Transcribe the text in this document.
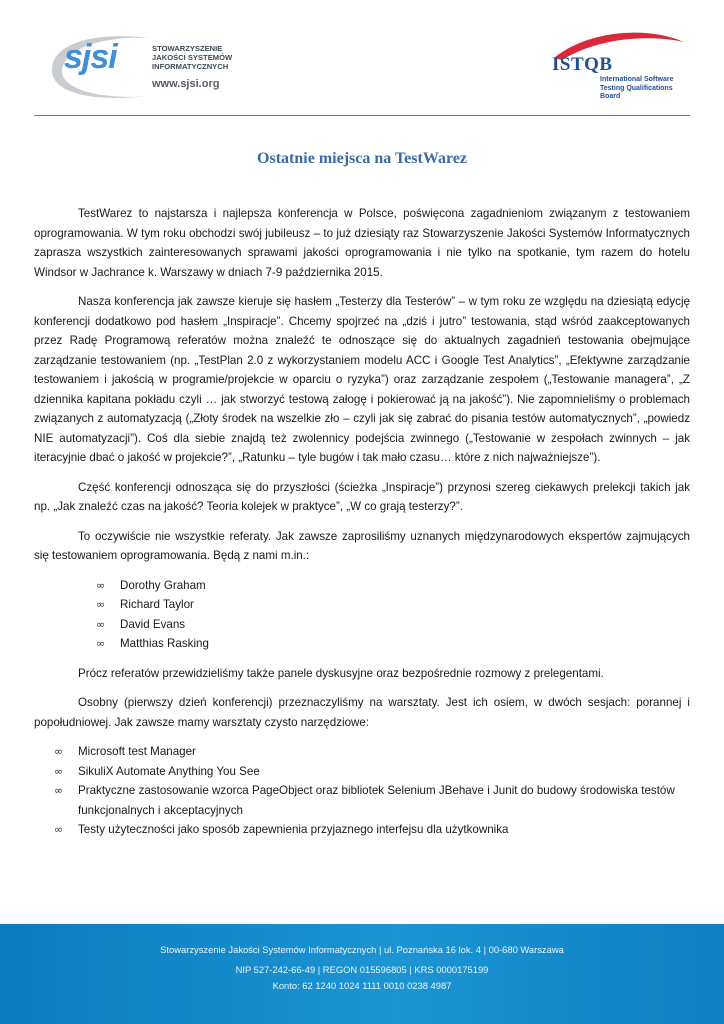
sjsi	STOWARZYSZENIE
JAKOŚCI SYSTEMÓW
INFORMATYCZNYCH
www.sjsi.org
ISTQB
International Software
Testing Qualifications Board
Ostatnie miejsca na TestWarez

TestWarez to najstarsza i najlepsza konferencja w Polsce, poświęcona zagadnieniom związanym z testowaniem oprogramowania. W tym roku obchodzi swój jubileusz – to już dziesiąty raz Stowarzyszenie Jakości Systemów Informatycznych zaprasza wszystkich zainteresowanych sprawami jakości oprogramowania i nie tylko na spotkanie, tym razem do hotelu Windsor w Jachrance k. Warszawy w dniach 7-9 października 2015.

Nasza konferencja jak zawsze kieruje się hasłem „Testerzy dla Testerów” – w tym roku ze względu na dziesiątą edycję konferencji dodatkowo pod hasłem „Inspiracje”. Chcemy spojrzeć na „dziś i jutro” testowania, stąd wśród zaakceptowanych przez Radę Programową referatów można znaleźć te odnoszące się do aktualnych zagadnień testowania obejmujące zarządzanie testowaniem (np. „TestPlan 2.0 z wykorzystaniem modelu ACC i Google Test Analytics”, „Efektywne zarządzanie testowaniem i jakością w programie/projekcie w oparciu o ryzyka”) oraz zarządzanie zespołem („Testowanie managera”, „Z dziennika kapitana pokładu czyli … jak stworzyć testową załogę i pokierować ją na jakość”). Nie zapomnieliśmy o problemach związanych z automatyzacją („Złoty środek na wszelkie zło – czyli jak się zabrać do pisania testów automatycznych”, „powiedz NIE automatyzacji”). Coś dla siebie znajdą też zwolennicy podejścia zwinnego („Testowanie w zespołach zwinnych – jak iteracyjnie dbać o jakość w projekcie?”, „Ratunku – tyle bugów i tak mało czasu… które z nich najważniejsze”).

Część konferencji odnosząca się do przyszłości (ścieżka „Inspiracje”) przynosi szereg ciekawych prelekcji takich jak np. „Jak znaleźć czas na jakość? Teoria kolejek w praktyce”, „W co grają testerzy?”.

To oczywiście nie wszystkie referaty. Jak zawsze zaprosiliśmy uznanych międzynarodowych ekspertów zajmujących się testowaniem oprogramowania. Będą z nami m.in.:

∞ Dorothy Graham
∞ Richard Taylor
∞ David Evans
∞ Matthias Rasking

Prócz referatów przewidzieliśmy także panele dyskusyjne oraz bezpośrednie rozmowy z prelegentami.

Osobny (pierwszy dzień konferencji) przeznaczyliśmy na warsztaty. Jest ich osiem, w dwóch sesjach: porannej i popołudniowej. Jak zawsze mamy warsztaty czysto narzędziowe:

∞ Microsoft test Manager
∞ SikuliX Automate Anything You See
∞ Praktyczne zastosowanie wzorca PageObject oraz bibliotek Selenium JBehave i Junit do budowy środowiska testów funkcjonalnych i akceptacyjnych
∞ Testy użyteczności jako sposób zapewnienia przyjaznego interfejsu dla użytkownika
Stowarzyszenie Jakości Systemów Informatycznych | ul. Poznańska 16 lok. 4 | 00-680 Warszawa
NIP 527-242-66-49 | REGON 015596805 | KRS 0000175199
Konto: 62 1240 1024 1111 0010 0238 4987
